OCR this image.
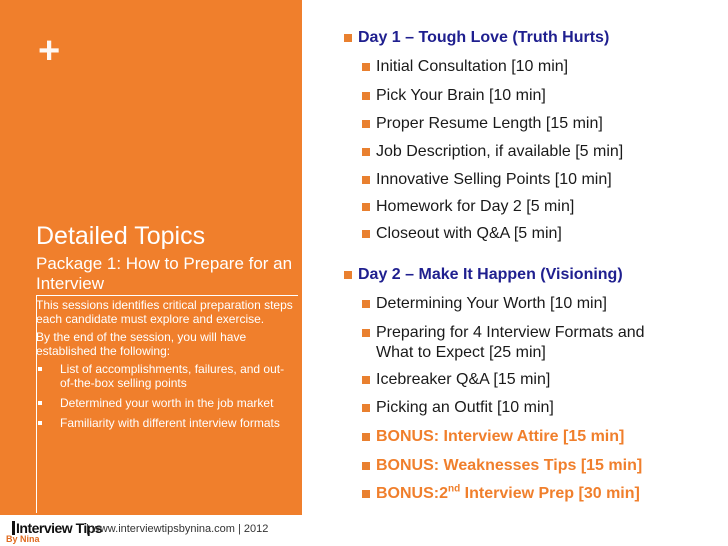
+
Detailed Topics
Package 1: How to Prepare for an Interview

This sessions identifies critical preparation steps each candidate must explore and exercise.

By the end of the session, you will have established the following:

List of accomplishments, failures, and out-of-the-box selling points
Determined your worth in the job market
Familiarity with different interview formats
Interview Tips
By Nina
| www.interviewtipsbynina.com | 2012
Day 1 – Tough Love (Truth Hurts)
Initial Consultation [10 min]
Pick Your Brain [10 min]
Proper Resume Length [15 min]
Job Description, if available [5 min]
Innovative Selling Points [10 min]
Homework for Day 2 [5 min]
Closeout with Q&A [5 min]
Day 2 – Make It Happen (Visioning)
Determining Your Worth [10 min]
Preparing for 4 Interview Formats and
What to Expect [25 min]
Icebreaker Q&A [15 min]
Picking an Outfit [10 min]
BONUS: Interview Attire [15 min]
BONUS: Weaknesses Tips [15 min]
BONUS:2nd Interview Prep [30 min]
